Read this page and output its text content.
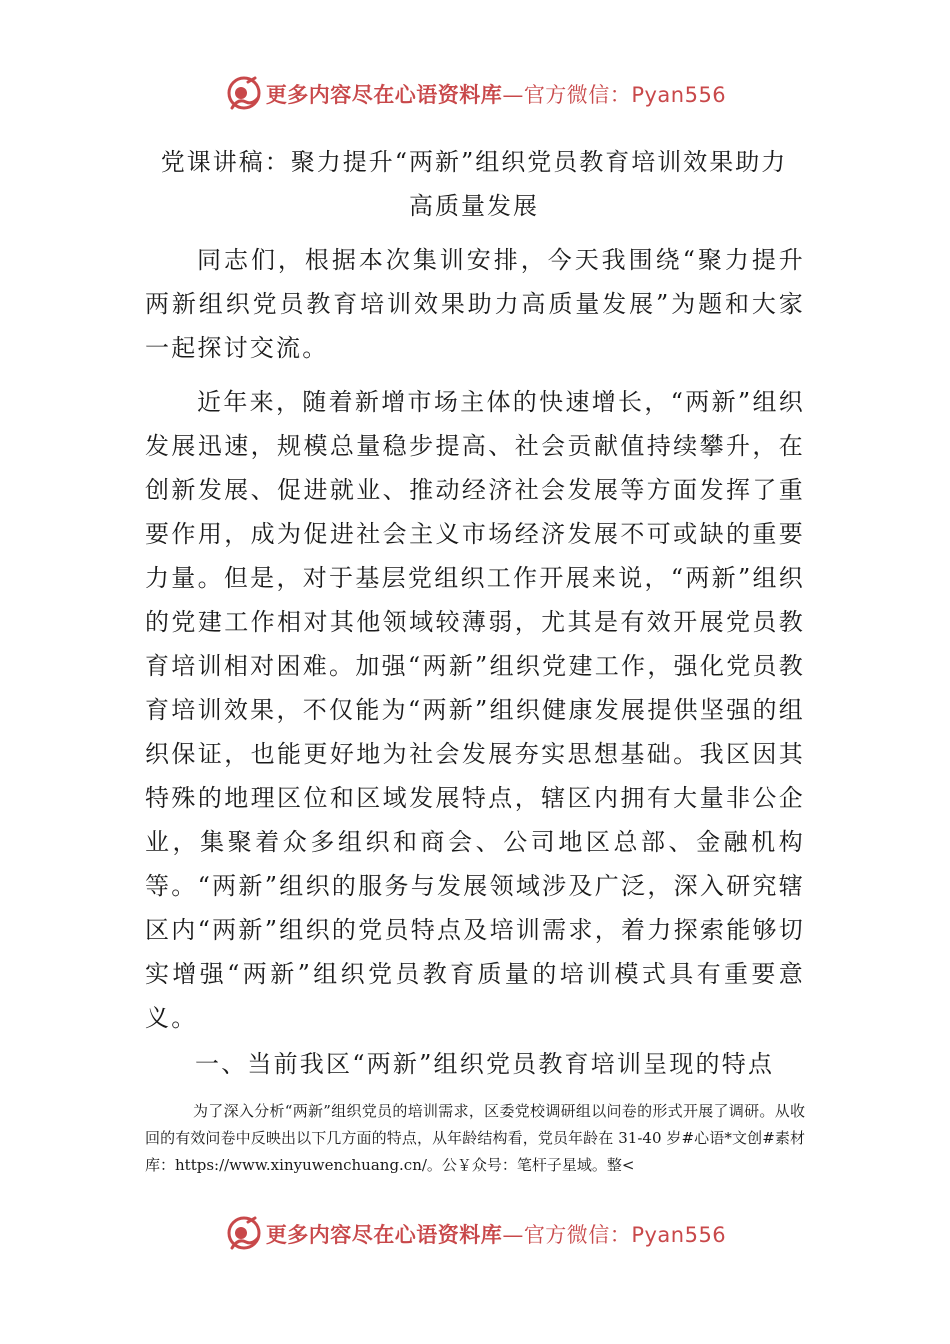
更多内容尽在心语资料库—官方微信：Pyan556
党课讲稿：聚力提升“两新”组织党员教育培训效果助力高质量发展

同志们，根据本次集训安排，今天我围绕“聚力提升两新组织党员教育培训效果助力高质量发展”为题和大家一起探讨交流。

近年来，随着新增市场主体的快速增长，“两新”组织发展迅速，规模总量稳步提高、社会贡献值持续攀升，在创新发展、促进就业、推动经济社会发展等方面发挥了重要作用，成为促进社会主义市场经济发展不可或缺的重要力量。但是，对于基层党组织工作开展来说，“两新”组织的党建工作相对其他领域较薄弱，尤其是有效开展党员教育培训相对困难。加强“两新”组织党建工作，强化党员教育培训效果，不仅能为“两新”组织健康发展提供坚强的组织保证，也能更好地为社会发展夯实思想基础。我区因其特殊的地理区位和区域发展特点，辖区内拥有大量非公企业，集聚着众多组织和商会、公司地区总部、金融机构等。“两新”组织的服务与发展领域涉及广泛，深入研究辖区内“两新”组织的党员特点及培训需求，着力探索能够切实增强“两新”组织党员教育质量的培训模式具有重要意义。

一、当前我区“两新”组织党员教育培训呈现的特点

为了深入分析“两新”组织党员的培训需求，区委党校调研组以问卷的形式开展了调研。从收回的有效问卷中反映出以下几方面的特点，从年龄结构看，党员年龄在 31-40 岁#心语*文创#素材库：https://www.xinyuwenchuang.cn/。公￥众号：笔杆子星域。整<

更多内容尽在心语资料库—官方微信：Pyan556
